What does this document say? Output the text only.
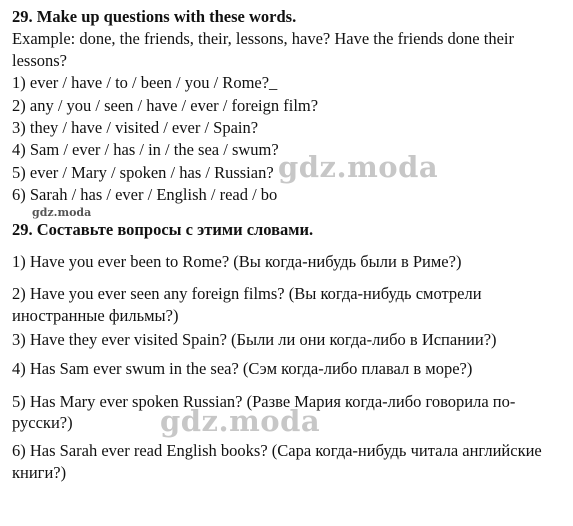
29. Make up questions with these words.
Example: done, the friends, their, lessons, have? Have the friends done their
lessons?
1) ever / have / to / been / you / Rome?_
2) any / you / seen / have / ever / foreign film?
3) they / have / visited / ever / Spain?
4) Sam / ever / has / in / the sea / swum?
5) ever / Mary / spoken / has / Russian?
6) Sarah / has / ever / English / read / bo
29. Составьте вопросы с этими словами.
1) Have you ever been to Rome? (Вы когда-нибудь были в Риме?)
2) Have you ever seen any foreign films? (Вы когда-нибудь смотрели
иностранные фильмы?)
3) Have they ever visited Spain? (Были ли они когда-либо в Испании?)
4) Has Sam ever swum in the sea? (Сэм когда-либо плавал в море?)
5) Has Mary ever spoken Russian? (Разве Мария когда-либо говорила по-
русски?)
6) Has Sarah ever read English books? (Сара когда-нибудь читала английские
книги?)
gdz.moda
gdz.moda
gdz.moda
